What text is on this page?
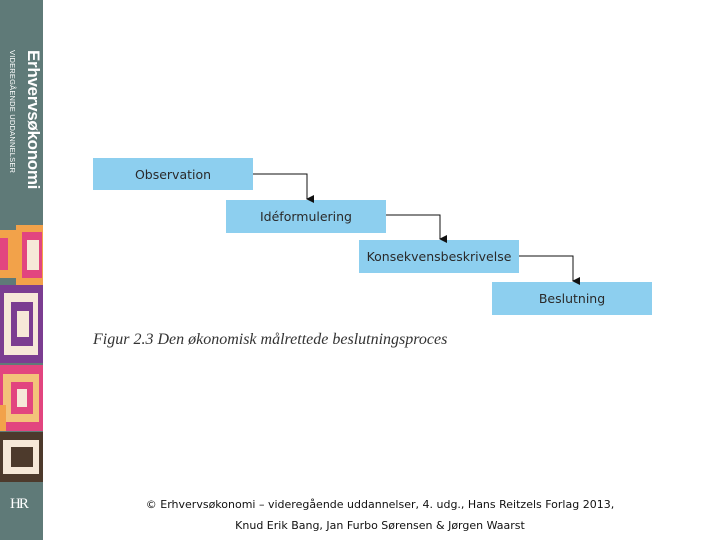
Erhvervsøkonomi
VIDEREGÅENDE UDDANNELSER
HR
Observation
Idéformulering
Konsekvensbeskrivelse
Beslutning
Figur 2.3 Den økonomisk målrettede beslutningsproces
© Erhvervsøkonomi – videregående uddannelser, 4. udg., Hans Reitzels Forlag 2013,
Knud Erik Bang, Jan Furbo Sørensen & Jørgen Waarst
